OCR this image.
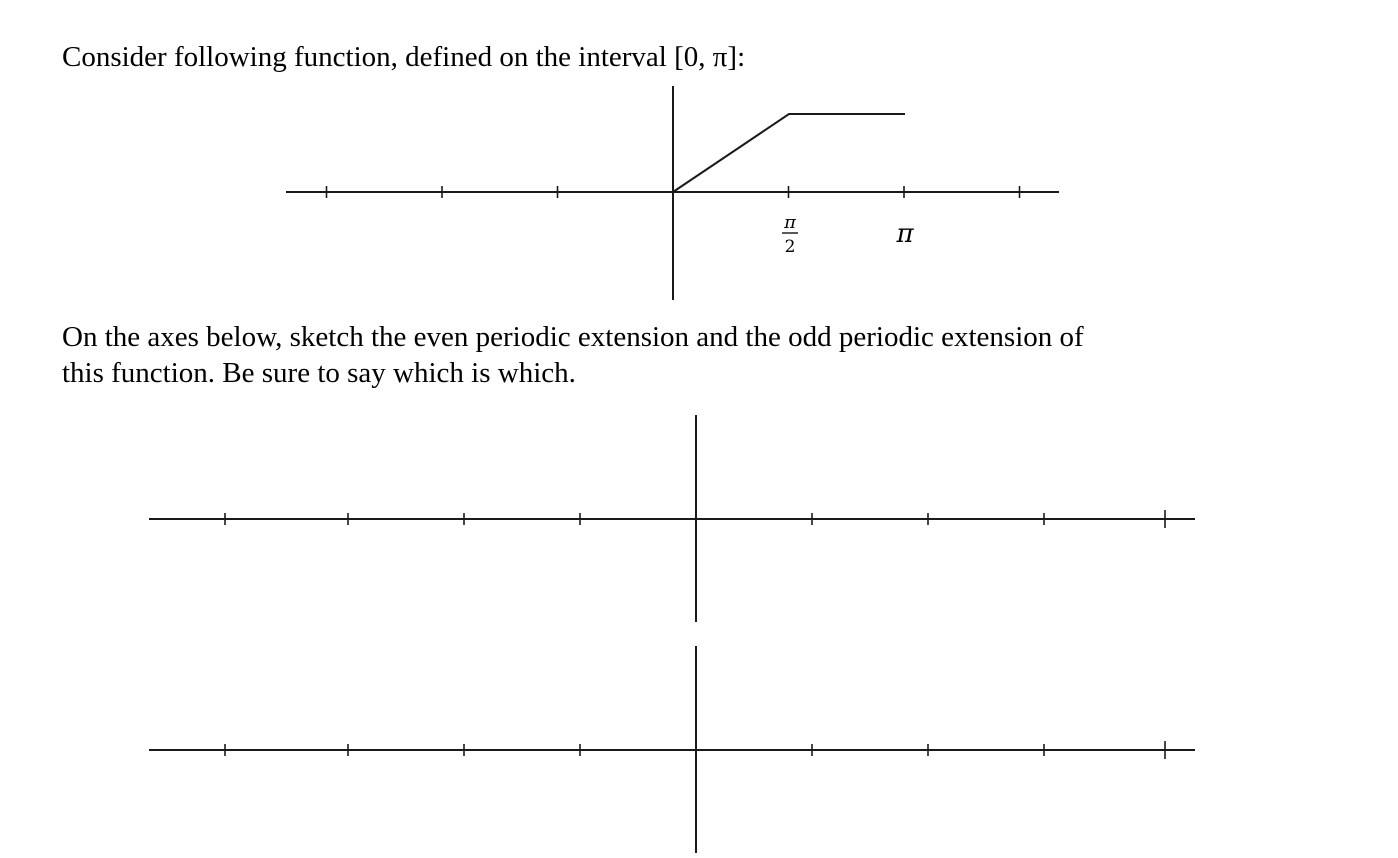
Consider following function, defined on the interval [0, π]:

π
2	π

On the axes below, sketch the even periodic extension and the odd periodic extension of

this function. Be sure to say which is which.
